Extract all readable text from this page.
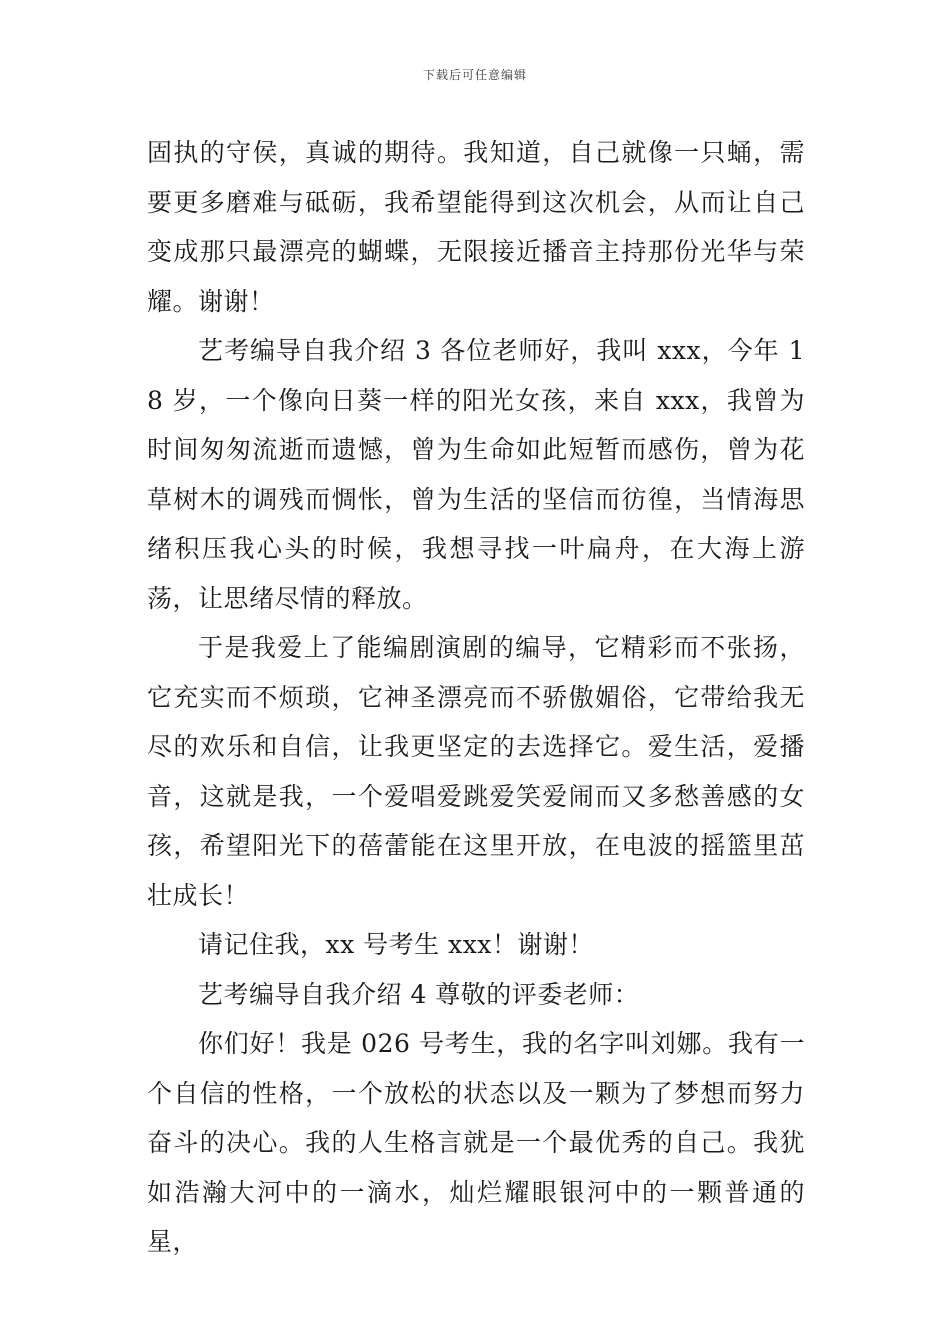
下载后可任意编辑

固执的守侯，真诚的期待。我知道，自己就像一只蛹，需要更多磨难与砥砺，我希望能得到这次机会，从而让自己变成那只最漂亮的蝴蝶，无限接近播音主持那份光华与荣耀。谢谢！

艺考编导自我介绍 3 各位老师好，我叫 xxx，今年 18 岁，一个像向日葵一样的阳光女孩，来自 xxx，我曾为时间匆匆流逝而遗憾，曾为生命如此短暂而感伤，曾为花草树木的调残而惆怅，曾为生活的坚信而彷徨，当情海思绪积压我心头的时候，我想寻找一叶扁舟，在大海上游荡，让思绪尽情的释放。

于是我爱上了能编剧演剧的编导，它精彩而不张扬，它充实而不烦琐，它神圣漂亮而不骄傲媚俗，它带给我无尽的欢乐和自信，让我更坚定的去选择它。爱生活，爱播音，这就是我，一个爱唱爱跳爱笑爱闹而又多愁善感的女孩，希望阳光下的蓓蕾能在这里开放，在电波的摇篮里茁壮成长！

请记住我，xx 号考生 xxx！谢谢！

艺考编导自我介绍 4 尊敬的评委老师：

你们好！我是 026 号考生，我的名字叫刘娜。我有一个自信的性格，一个放松的状态以及一颗为了梦想而努力奋斗的决心。我的人生格言就是一个最优秀的自己。我犹如浩瀚大河中的一滴水，灿烂耀眼银河中的一颗普通的星，
